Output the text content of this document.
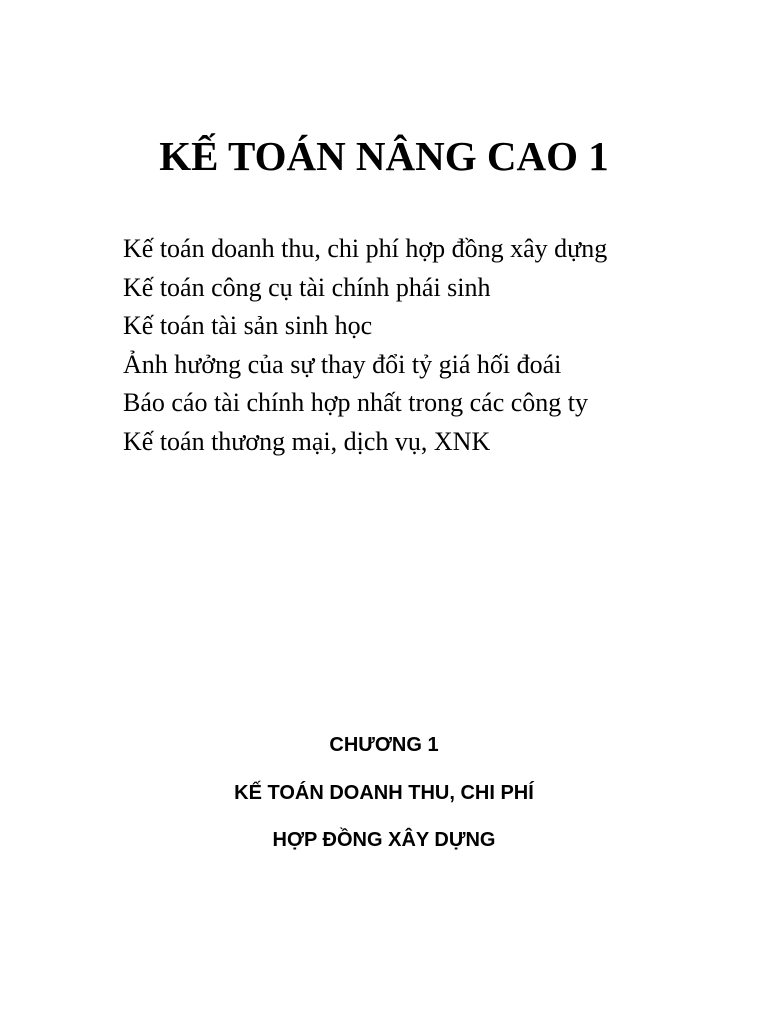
KẾ TOÁN NÂNG CAO 1
Kế toán doanh thu, chi phí hợp đồng xây dựng
Kế toán công cụ tài chính phái sinh
Kế toán tài sản sinh học
Ảnh hưởng của sự thay đổi tỷ giá hối đoái
Báo cáo tài chính hợp nhất trong các công ty
Kế toán thương mại, dịch vụ, XNK
CHƯƠNG 1
KẾ TOÁN DOANH THU, CHI PHÍ
HỢP ĐỒNG XÂY DỰNG
